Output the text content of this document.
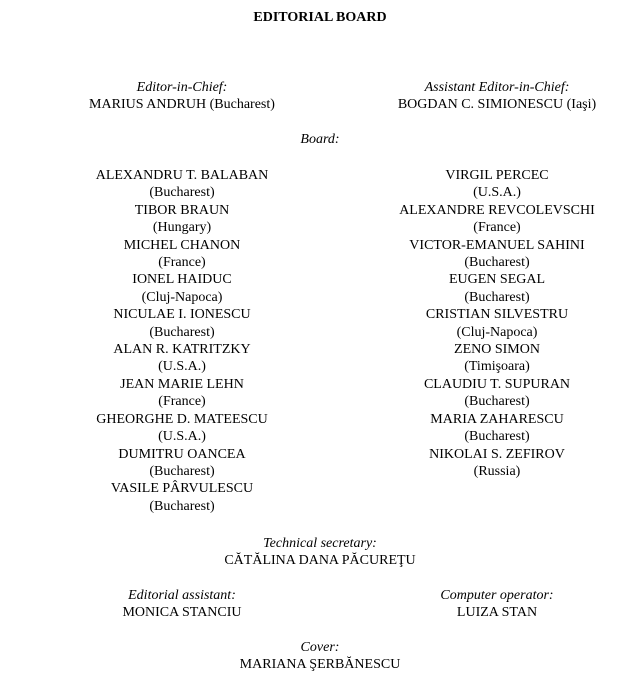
EDITORIAL BOARD
Editor-in-Chief:
MARIUS ANDRUH (Bucharest)
Assistant Editor-in-Chief:
BOGDAN C. SIMIONESCU (Iaşi)
Board:
ALEXANDRU T. BALABAN
(Bucharest)
TIBOR BRAUN
(Hungary)
MICHEL CHANON
(France)
IONEL HAIDUC
(Cluj-Napoca)
NICULAE I. IONESCU
(Bucharest)
ALAN R. KATRITZKY
(U.S.A.)
JEAN MARIE LEHN
(France)
GHEORGHE D. MATEESCU
(U.S.A.)
DUMITRU OANCEA
(Bucharest)
VASILE PÂRVULESCU
(Bucharest)
VIRGIL PERCEC
(U.S.A.)
ALEXANDRE REVCOLEVSCHI
(France)
VICTOR-EMANUEL SAHINI
(Bucharest)
EUGEN SEGAL
(Bucharest)
CRISTIAN SILVESTRU
(Cluj-Napoca)
ZENO SIMON
(Timişoara)
CLAUDIU T. SUPURAN
(Bucharest)
MARIA ZAHARESCU
(Bucharest)
NIKOLAI S. ZEFIROV
(Russia)
Technical secretary:
CĂTĂLINA DANA PĂCUREŢU
Editorial assistant:
MONICA STANCIU
Computer operator:
LUIZA STAN
Cover:
MARIANA ŞERBĂNESCU
